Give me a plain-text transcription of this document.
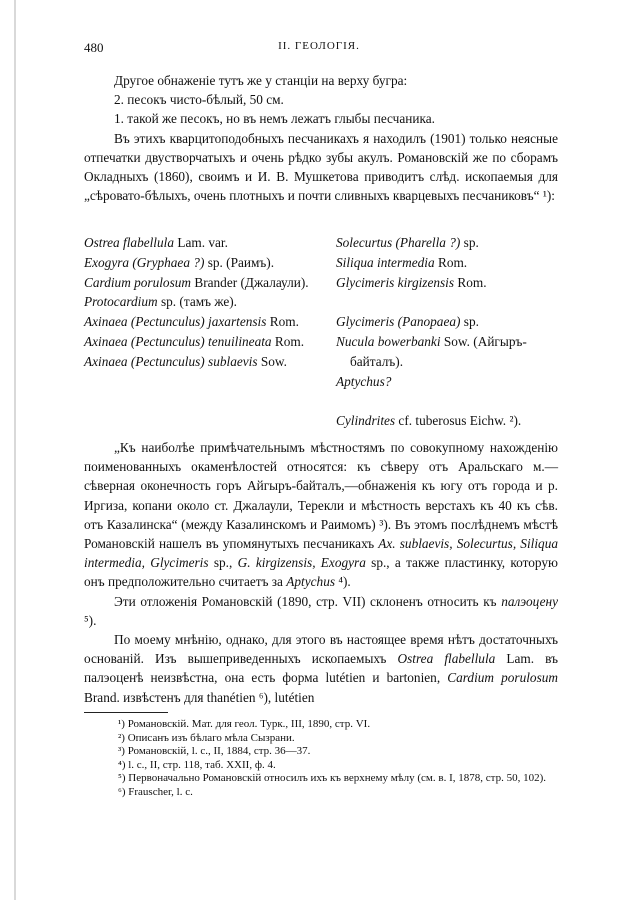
480	II. ГЕОЛОГІЯ.

Другое обнаженіе тутъ же у станціи на верху бугра:

2. песокъ чисто-бѣлый, 50 см.

1. такой же песокъ, но въ немъ лежатъ глыбы песчаника.

Въ этихъ кварцитоподобныхъ песчаникахъ я находилъ (1901) только неясные отпечатки двустворчатыхъ и очень рѣдко зубы акулъ. Романовскій же по сборамъ Окладныхъ (1860), своимъ и И. В. Мушкетова приводитъ слѣд. ископаемыя для „сѣровато-бѣлыхъ, очень плотныхъ и почти сливныхъ кварцевыхъ песчаниковъ“ ¹):

Ostrea flabellula Lam. var.

Exogyra (Gryphaea ?) sp. (Раимъ).

Cardium porulosum Brander (Джалаули).

Protocardium sp. (тамъ же).

Axinaea (Pectunculus) jaxartensis Rom.

Axinaea (Pectunculus) tenuilineata Rom.

Axinaea (Pectunculus) sublaevis Sow.

Solecurtus (Pharella ?) sp.

Siliqua intermedia Rom.

Glycimeris kirgizensis Rom.

Glycimeris (Panopaea) sp.

Nucula bowerbanki Sow. (Айгыръ-байталъ).

Aptychus?

Cylindrites cf. tuberosus Eichw. ²).

„Къ наиболѣе примѣчательнымъ мѣстностямъ по совокупному нахожденію поименованныхъ окаменѣлостей относятся: къ сѣверу отъ Аральскаго м.—сѣверная оконечность горъ Айгыръ-байталъ,—обнаженія къ югу отъ города и р. Иргиза, копани около ст. Джалаули, Терекли и мѣстность верстахъ къ 40 къ сѣв. отъ Казалинска“ (между Казалинскомъ и Раимомъ) ³). Въ этомъ послѣднемъ мѣстѣ Романовскій нашелъ въ упомянутыхъ песчаникахъ Ax. sublaevis, Solecurtus, Siliqua intermedia, Glycimeris sp., G. kirgizensis, Exogyra sp., а также пластинку, которую онъ предположительно считаетъ за Aptychus ⁴).

Эти отложенія Романовскій (1890, стр. VII) склоненъ относить къ палэоцену ⁵).

По моему мнѣнію, однако, для этого въ настоящее время нѣтъ достаточныхъ основаній. Изъ вышеприведенныхъ ископаемыхъ Ostrea flabellula Lam. въ палэоценѣ неизвѣстна, она есть форма lutétien и bartonien, Cardium porulosum Brand. извѣстенъ для thanétien ⁶), lutétien

¹) Романовскій. Мат. для геол. Турк., III, 1890, стр. VI.

²) Описанъ изъ бѣлаго мѣла Сызрани.

³) Романовскій, l. c., II, 1884, стр. 36—37.

⁴) l. c., II, стр. 118, таб. XXII, ф. 4.

⁵) Первоначально Романовскій относилъ ихъ къ верхнему мѣлу (см. в. I, 1878, стр. 50, 102).

⁶) Frauscher, l. c.
